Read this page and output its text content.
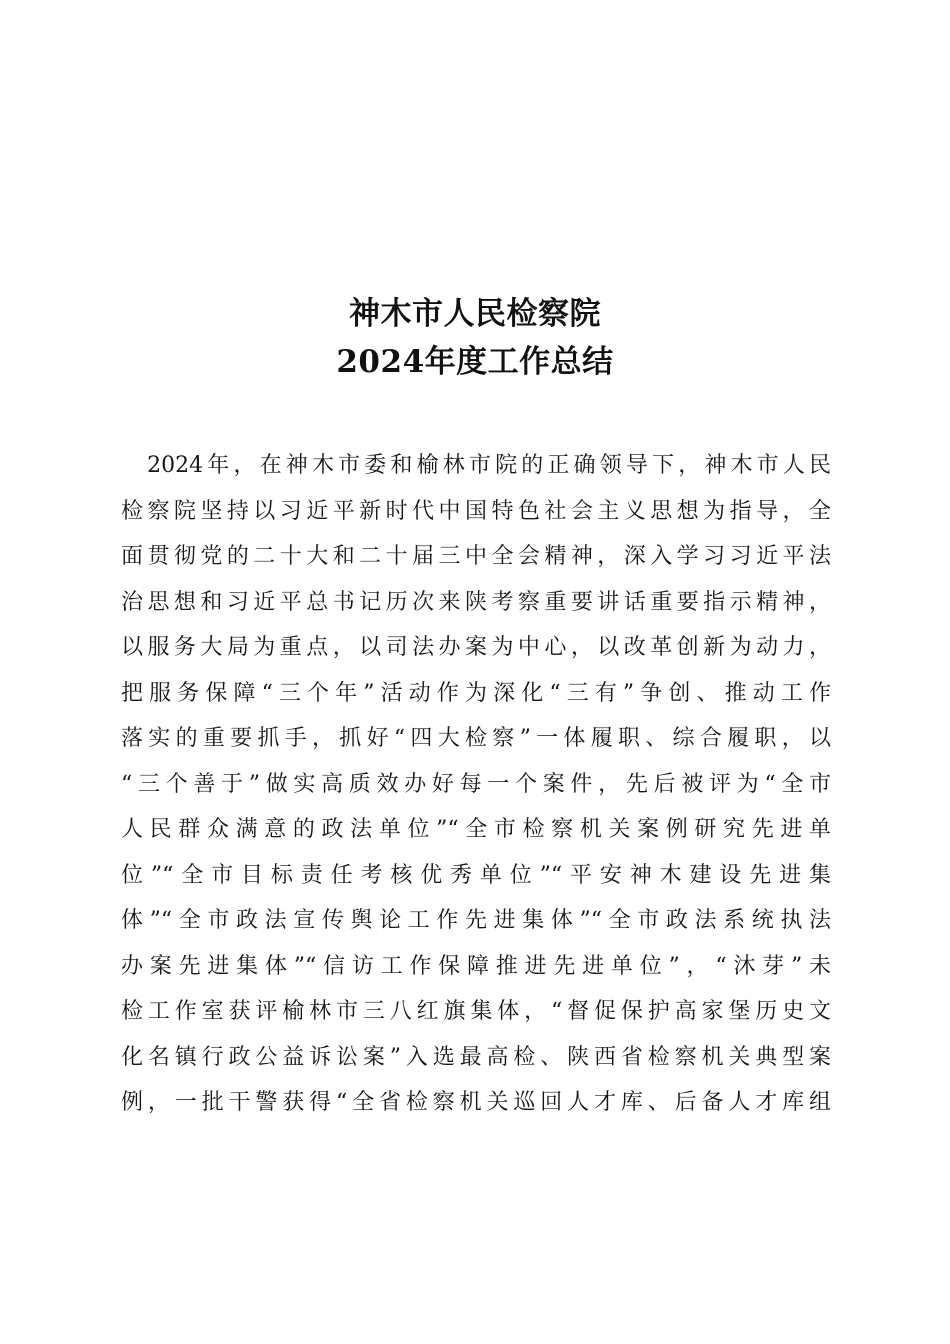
神木市人民检察院
2024年度工作总结
　2024年，在神木市委和榆林市院的正确领导下，神木市人民
检察院坚持以习近平新时代中国特色社会主义思想为指导，全
面贯彻党的二十大和二十届三中全会精神，深入学习习近平法
治思想和习近平总书记历次来陕考察重要讲话重要指示精神，
以服务大局为重点，以司法办案为中心，以改革创新为动力，
把服务保障“三个年”活动作为深化“三有”争创、推动工作
落实的重要抓手，抓好“四大检察”一体履职、综合履职，以
“三个善于”做实高质效办好每一个案件，先后被评为“全市
人民群众满意的政法单位”“全市检察机关案例研究先进单
位”“全市目标责任考核优秀单位”“平安神木建设先进集
体”“全市政法宣传舆论工作先进集体”“全市政法系统执法
办案先进集体”“信访工作保障推进先进单位”，“沐芽”未
检工作室获评榆林市三八红旗集体，“督促保护高家堡历史文
化名镇行政公益诉讼案”入选最高检、陕西省检察机关典型案
例，一批干警获得“全省检察机关巡回人才库、后备人才库组
